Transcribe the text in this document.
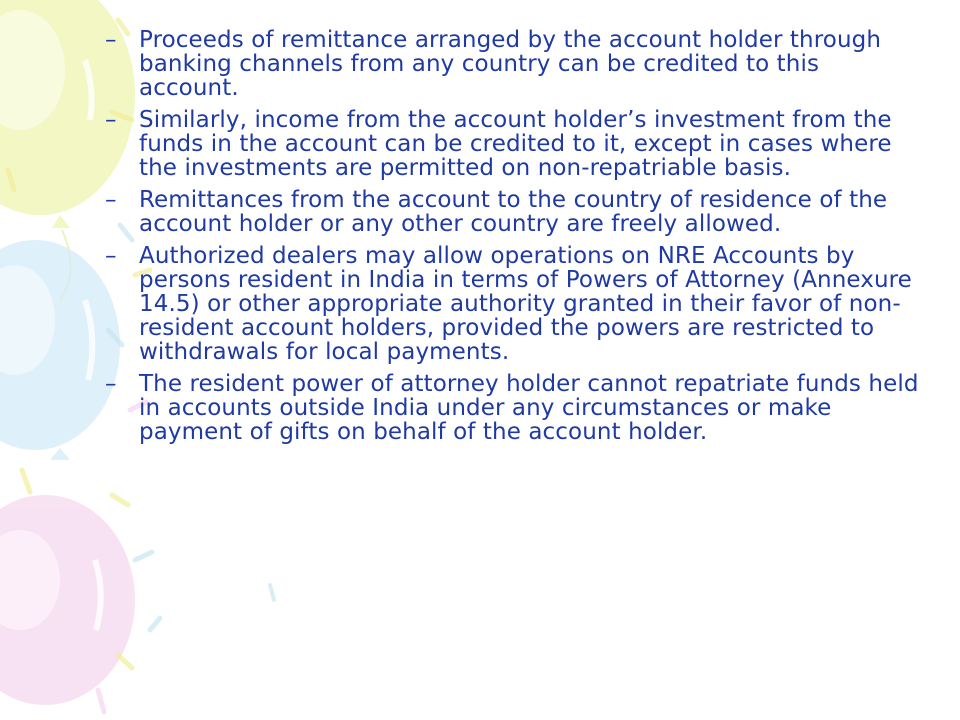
– Proceeds of remittance arranged by the account holder through banking channels from any country can be credited to this account.
– Similarly, income from the account holder’s investment from the funds in the account can be credited to it, except in cases where the investments are permitted on non-repatriable basis.
– Remittances from the account to the country of residence of the account holder or any other country are freely allowed.
– Authorized dealers may allow operations on NRE Accounts by persons resident in India in terms of Powers of Attorney (Annexure 14.5) or other appropriate authority granted in their favor of non-resident account holders, provided the powers are restricted to withdrawals for local payments.
– The resident power of attorney holder cannot repatriate funds held in accounts outside India under any circumstances or make payment of gifts on behalf of the account holder.
